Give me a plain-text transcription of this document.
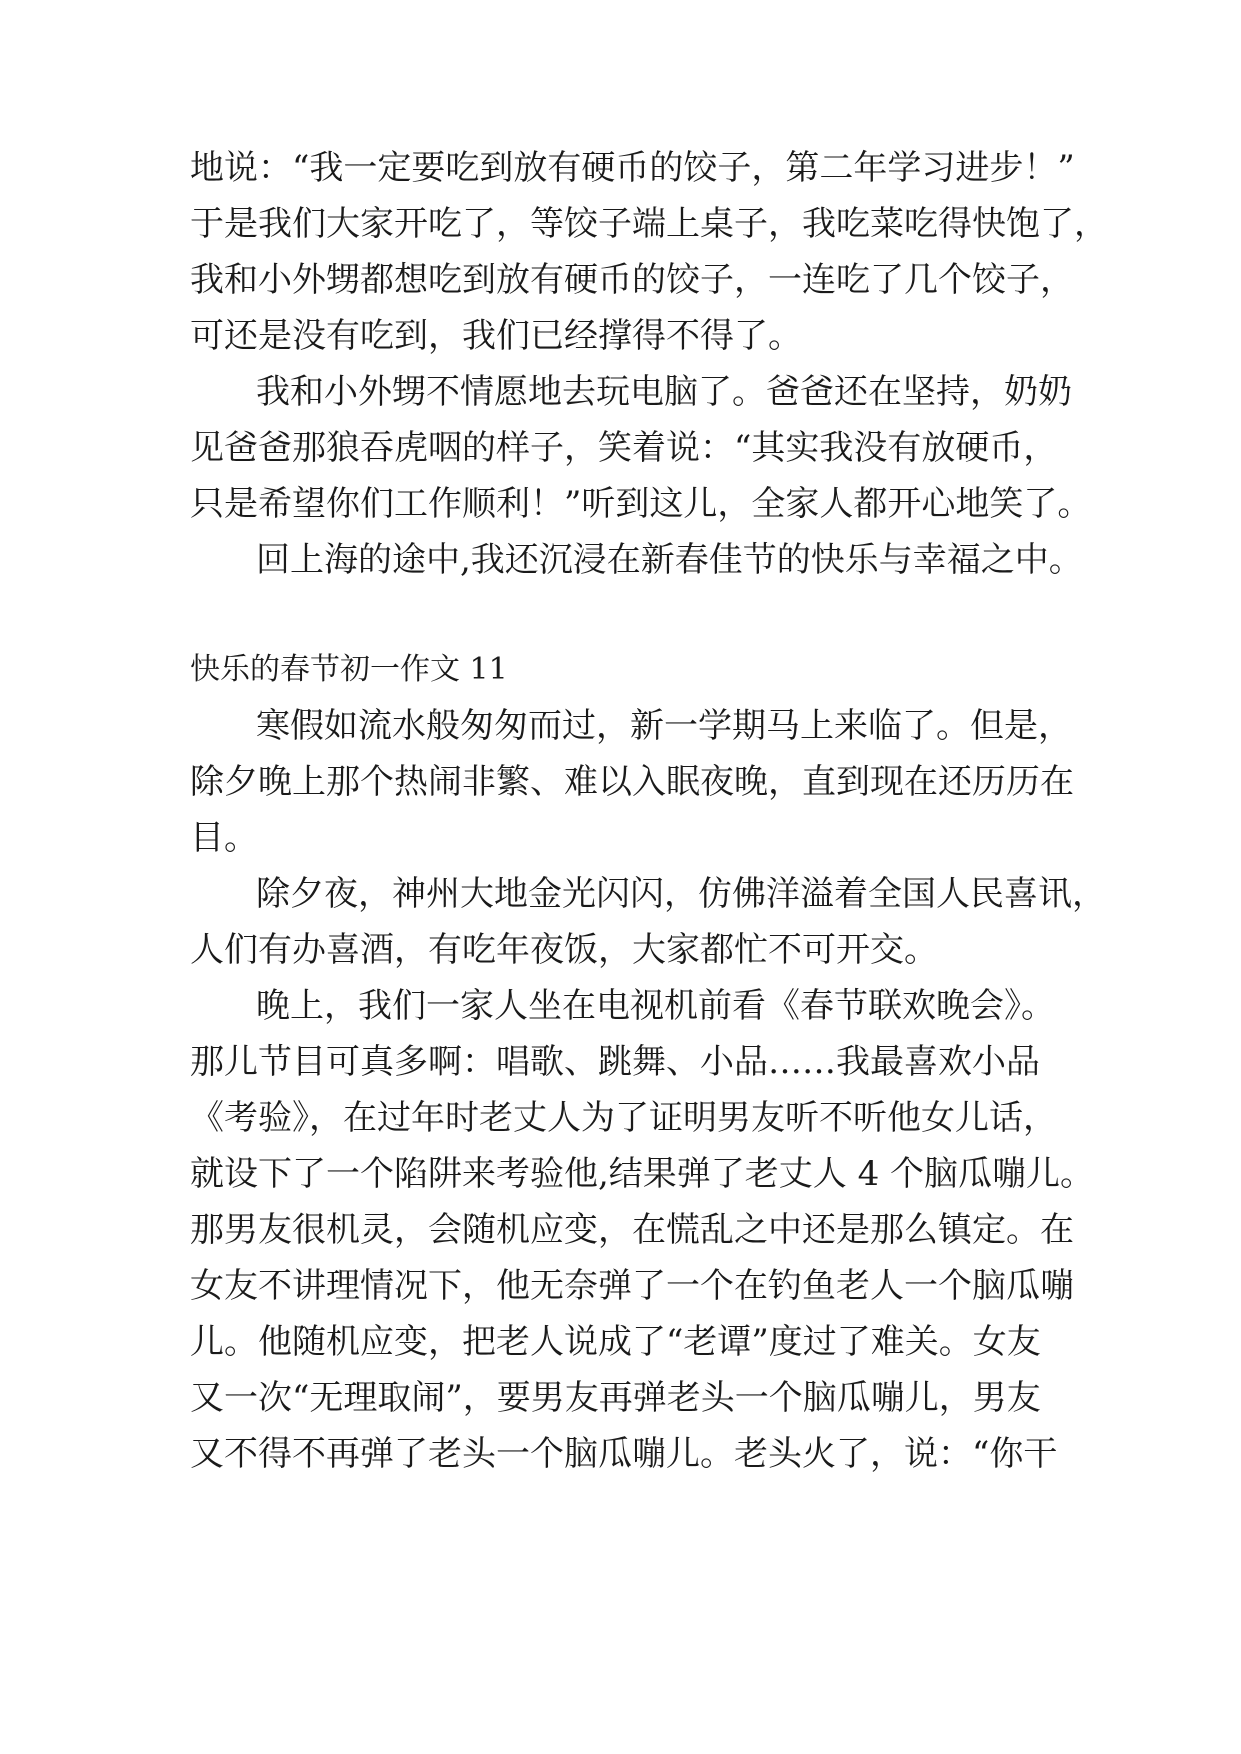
地说：“我一定要吃到放有硬币的饺子，第二年学习进步！”
于是我们大家开吃了，等饺子端上桌子，我吃菜吃得快饱了，
我和小外甥都想吃到放有硬币的饺子，一连吃了几个饺子，
可还是没有吃到，我们已经撑得不得了。
我和小外甥不情愿地去玩电脑了。爸爸还在坚持，奶奶
见爸爸那狼吞虎咽的样子，笑着说：“其实我没有放硬币，
只是希望你们工作顺利！”听到这儿，全家人都开心地笑了。
回上海的途中,我还沉浸在新春佳节的快乐与幸福之中。
快乐的春节初一作文 11
寒假如流水般匆匆而过，新一学期马上来临了。但是，
除夕晚上那个热闹非繁、难以入眠夜晚，直到现在还历历在
目。
除夕夜，神州大地金光闪闪，仿佛洋溢着全国人民喜讯，
人们有办喜酒，有吃年夜饭，大家都忙不可开交。
晚上，我们一家人坐在电视机前看《春节联欢晚会》。
那儿节目可真多啊：唱歌、跳舞、小品……我最喜欢小品
《考验》，在过年时老丈人为了证明男友听不听他女儿话，
就设下了一个陷阱来考验他,结果弹了老丈人 4 个脑瓜嘣儿。
那男友很机灵，会随机应变，在慌乱之中还是那么镇定。在
女友不讲理情况下，他无奈弹了一个在钓鱼老人一个脑瓜嘣
儿。他随机应变，把老人说成了“老谭”度过了难关。女友
又一次“无理取闹”，要男友再弹老头一个脑瓜嘣儿，男友
又不得不再弹了老头一个脑瓜嘣儿。老头火了，说：“你干
